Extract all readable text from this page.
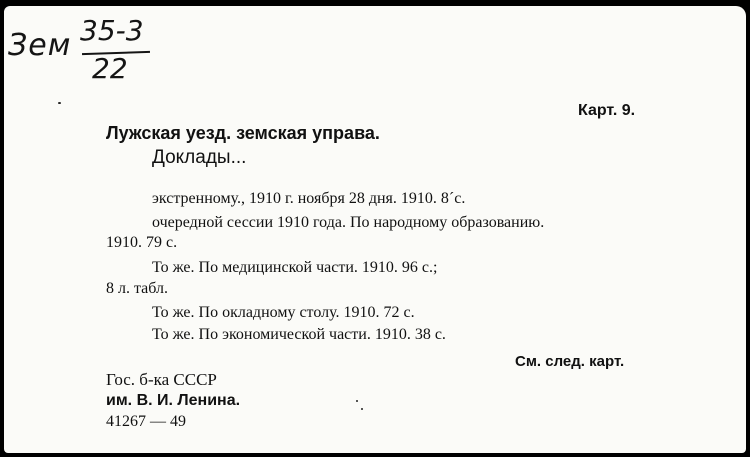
Зем 35-3
22
Карт. 9.
Лужская уезд. земская управа.
Доклады...
экстренному., 1910 г. ноября 28 дня. 1910. 8´с.
очередной сессии 1910 года. По народному образованию.
1910. 79 с.
То же. По медицинской части. 1910. 96 с.;
8 л. табл.
То же. По окладному столу. 1910. 72 с.
То же. По экономической части. 1910. 38 с.
См. след. карт.
Гос. б-ка СССР
им. В. И. Ленина.
41267 — 49
